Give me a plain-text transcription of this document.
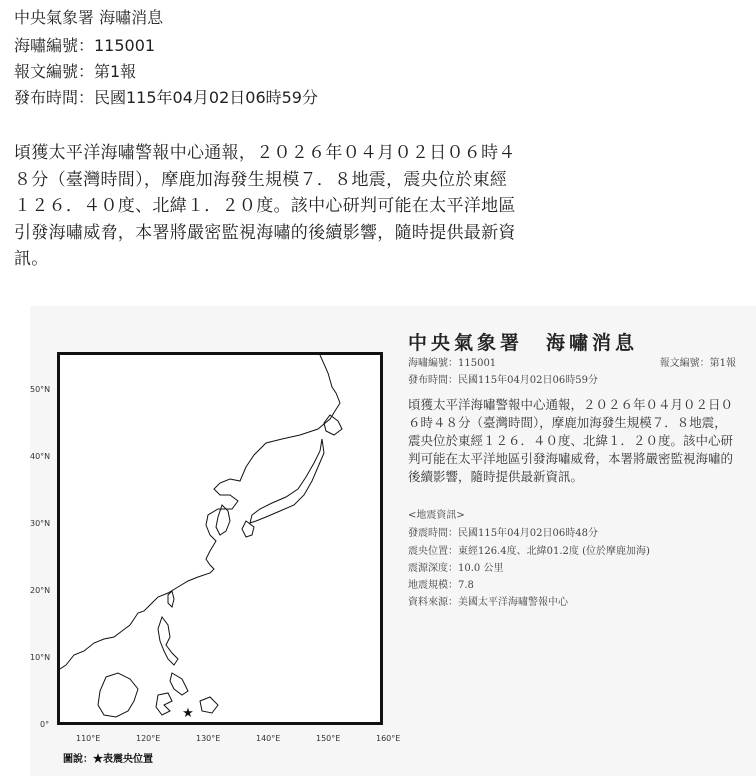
中央氣象署 海嘯消息
海嘯編號：115001
報文編號：第1報
發布時間：民國115年04月02日06時59分
頃獲太平洋海嘯警報中心通報，２０２６年０４月０２日０６時４８分（臺灣時間），摩鹿加海發生規模７．８地震，震央位於東經１２６．４０度、北緯１．２０度。該中心研判可能在太平洋地區引發海嘯威脅，本署將嚴密監視海嘯的後續影響，隨時提供最新資訊。
★
50°N
40°N
30°N
20°N
10°N
0°
110°E	120°E	130°E	140°E	150°E	160°E
圖說：★表震央位置
中央氣象署　海嘯消息
海嘯編號：115001	報文編號：第1報
發布時間：民國115年04月02日06時59分
頃獲太平洋海嘯警報中心通報，２０２６年０４月０２日０６時４８分（臺灣時間），摩鹿加海發生規模７．８地震，震央位於東經１２６．４０度、北緯１．２０度。該中心研判可能在太平洋地區引發海嘯威脅，本署將嚴密監視海嘯的後續影響，隨時提供最新資訊。
<地震資訊>
發震時間：民國115年04月02日06時48分
震央位置：東經126.4度、北緯01.2度 (位於摩鹿加海)
震源深度：10.0 公里
地震規模：7.8
資料來源：美國太平洋海嘯警報中心
